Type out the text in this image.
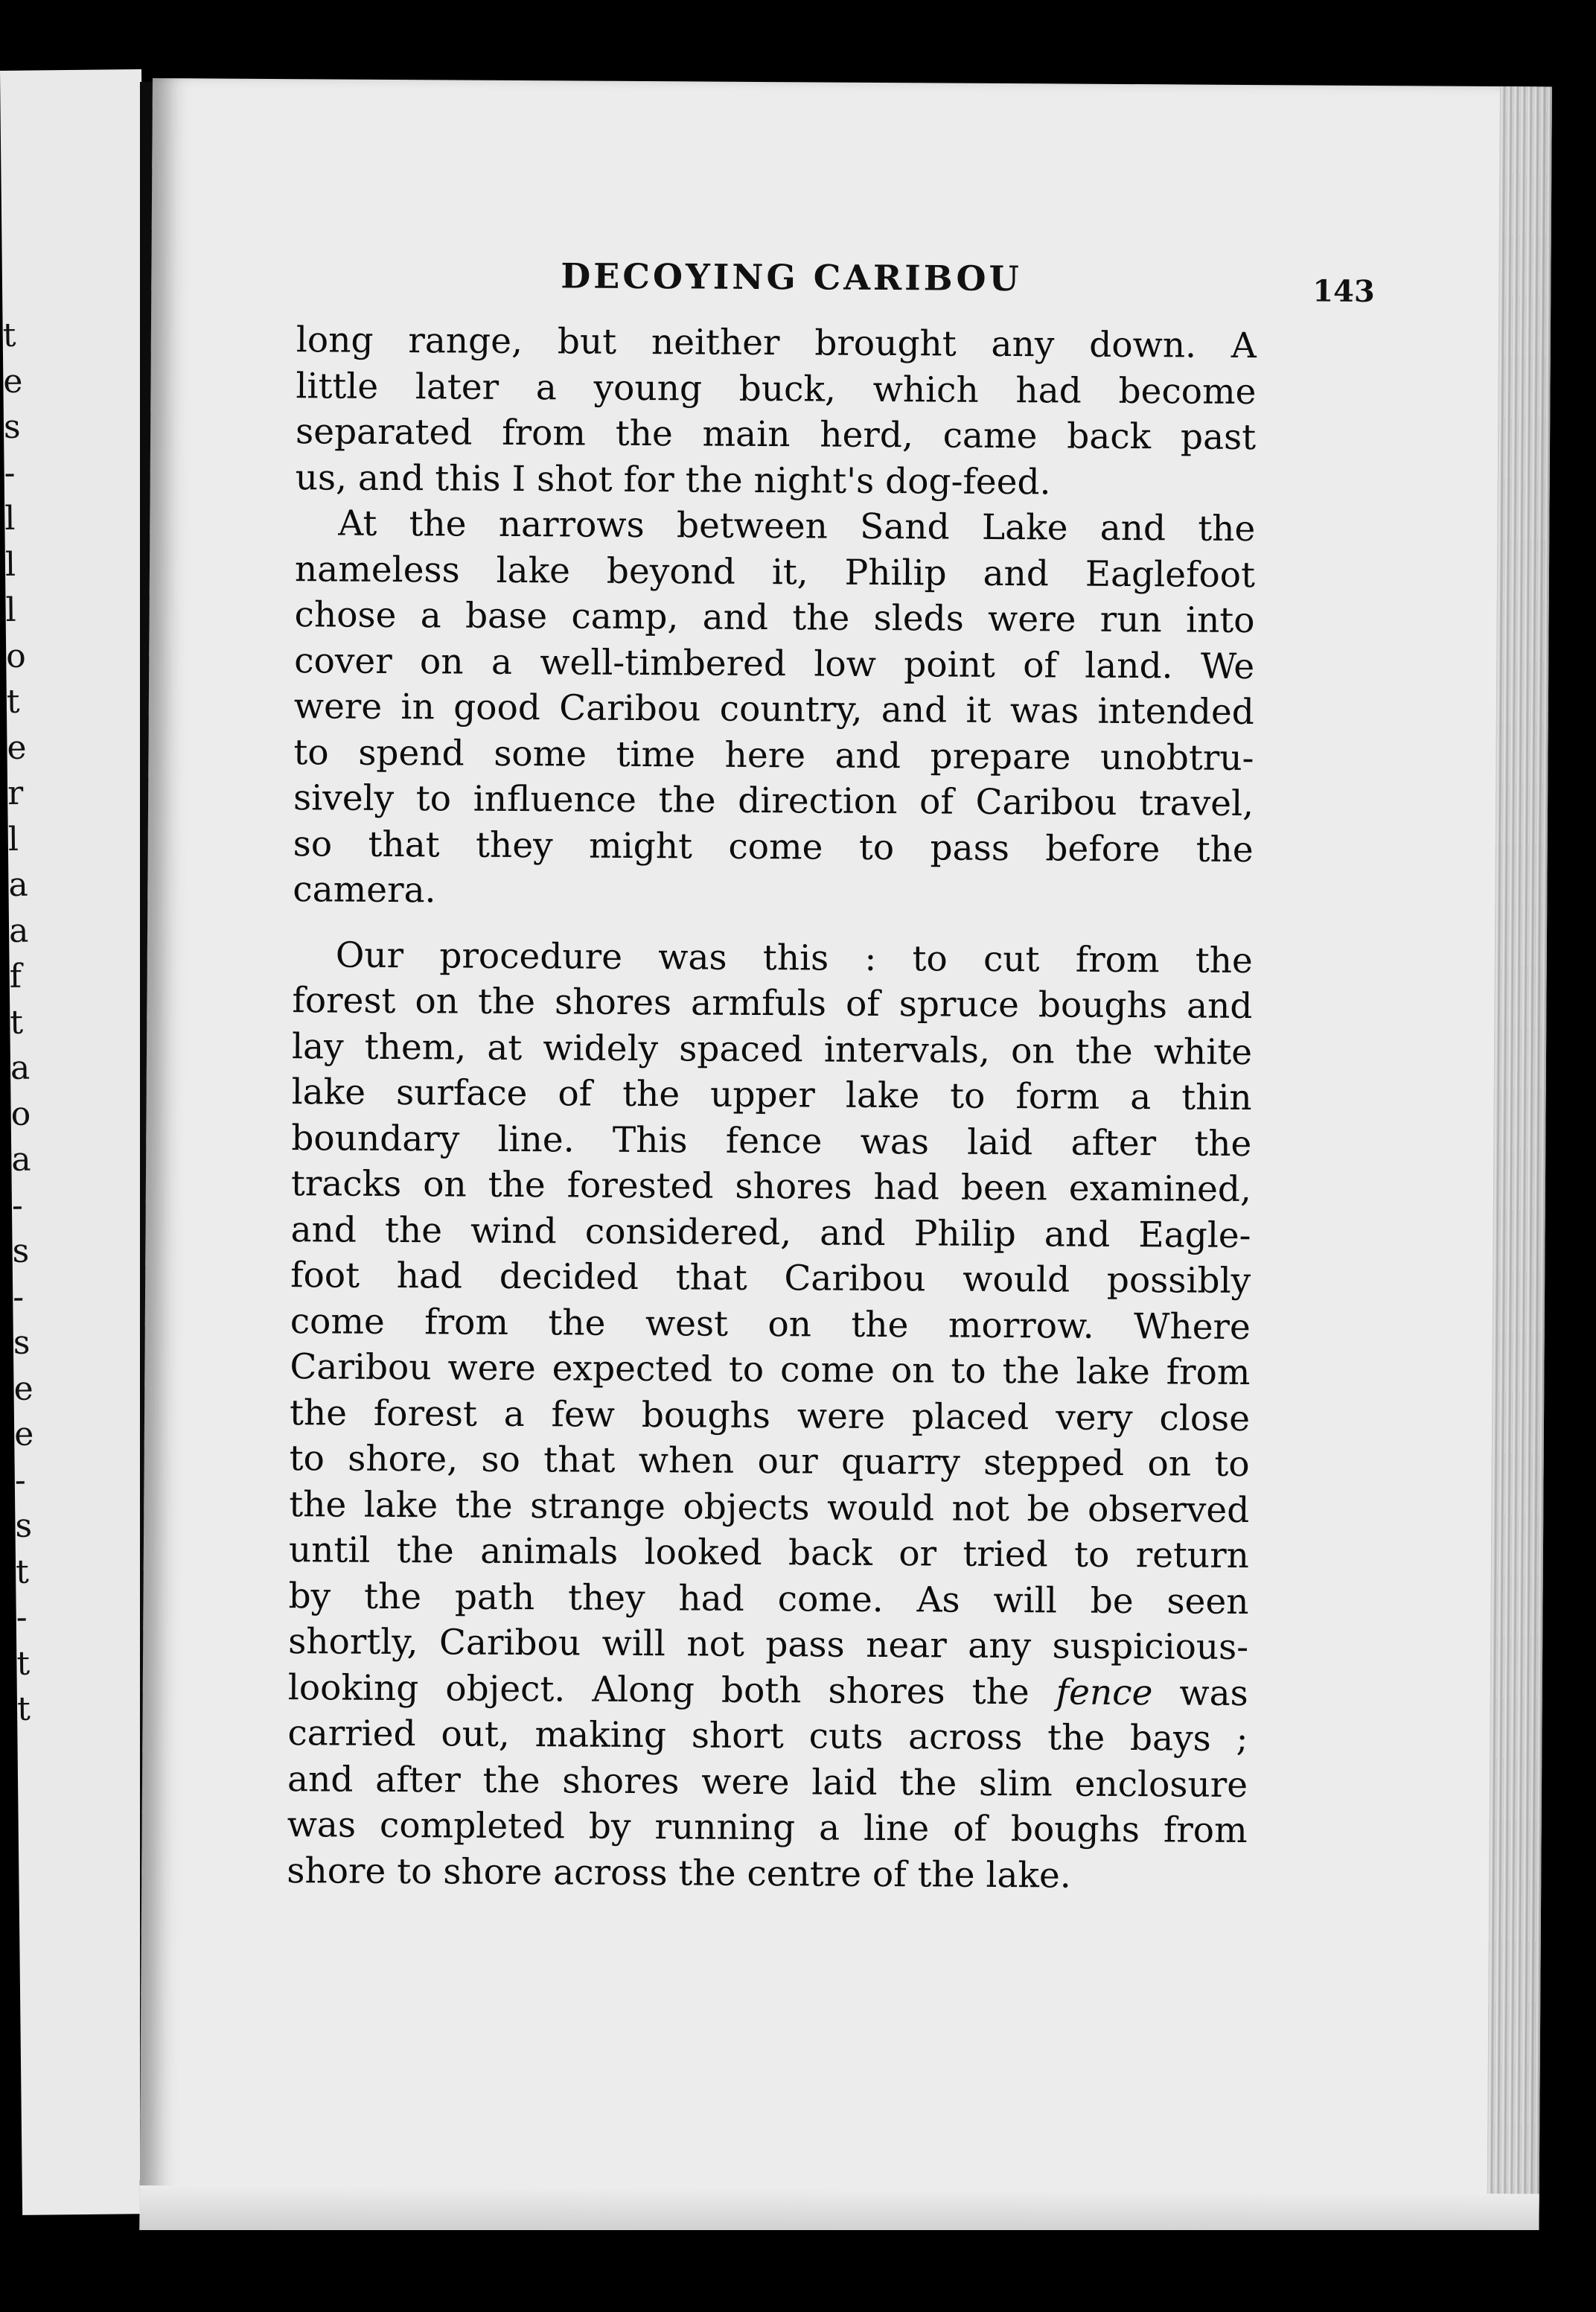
t
e
s
-
l
l
l
o
t
e
r
l
a
a
f
t
a
o
a
-
s
-
s
e
e
-
s
t
-
t
t
DECOYING CARIBOU	143
long range, but neither brought any down. A
little later a young buck, which had become
separated from the main herd, came back past
us, and this I shot for the night's dog-feed.
At the narrows between Sand Lake and the
nameless lake beyond it, Philip and Eaglefoot
chose a base camp, and the sleds were run into
cover on a well-timbered low point of land. We
were in good Caribou country, and it was intended
to spend some time here and prepare unobtru-
sively to influence the direction of Caribou travel,
so that they might come to pass before the
camera.
Our procedure was this : to cut from the
forest on the shores armfuls of spruce boughs and
lay them, at widely spaced intervals, on the white
lake surface of the upper lake to form a thin
boundary line. This fence was laid after the
tracks on the forested shores had been examined,
and the wind considered, and Philip and Eagle-
foot had decided that Caribou would possibly
come from the west on the morrow. Where
Caribou were expected to come on to the lake from
the forest a few boughs were placed very close
to shore, so that when our quarry stepped on to
the lake the strange objects would not be observed
until the animals looked back or tried to return
by the path they had come. As will be seen
shortly, Caribou will not pass near any suspicious-
looking object. Along both shores the fence was
carried out, making short cuts across the bays ;
and after the shores were laid the slim enclosure
was completed by running a line of boughs from
shore to shore across the centre of the lake.
